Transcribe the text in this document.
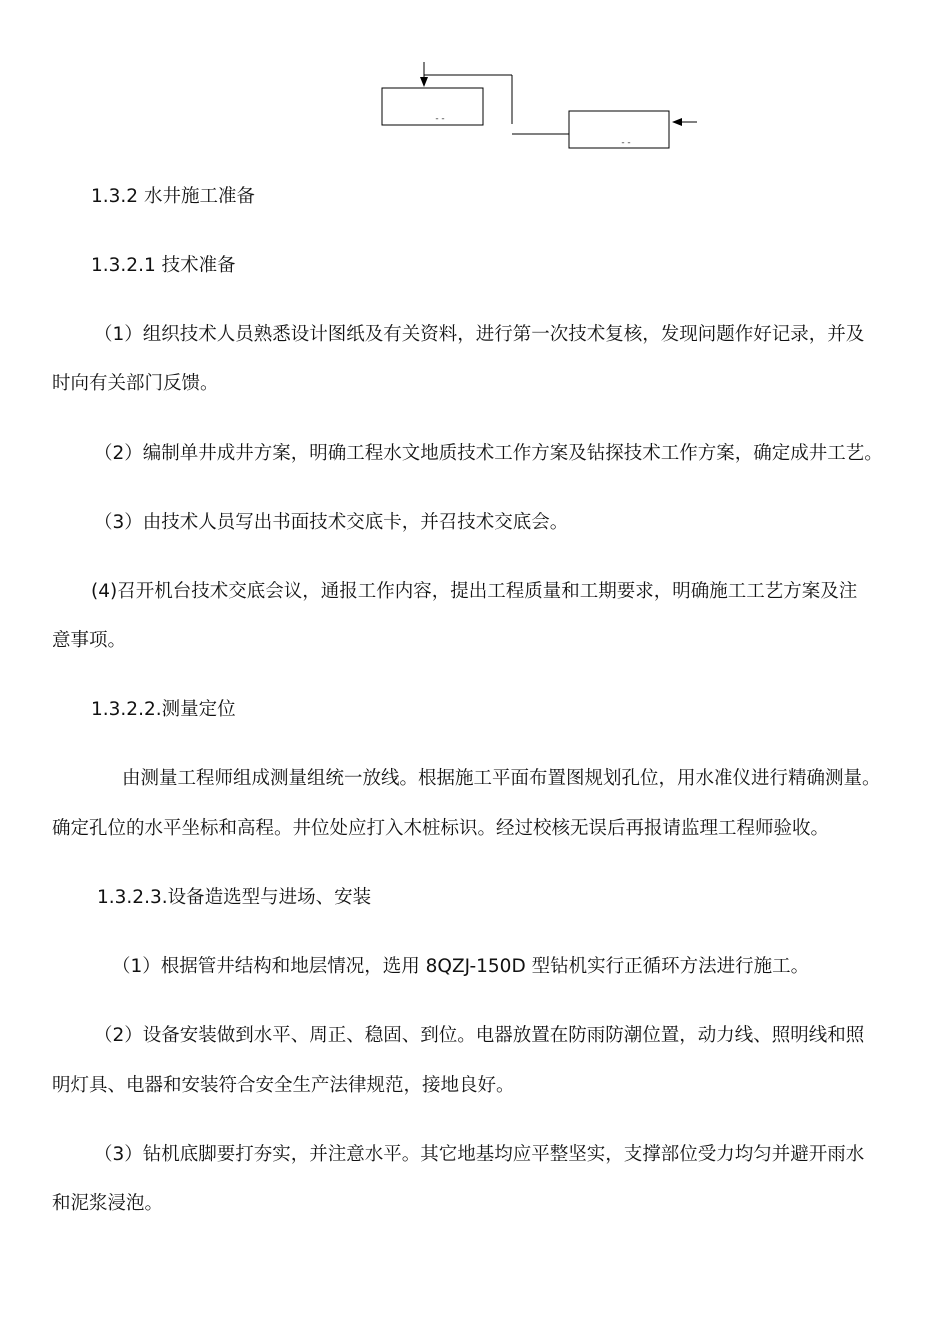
- -
- -

1.3.2 水井施工准备

1.3.2.1 技术准备

（1）组织技术人员熟悉设计图纸及有关资料，进行第一次技术复核，发现问题作好记录，并及

时向有关部门反馈。

（2）编制单井成井方案，明确工程水文地质技术工作方案及钻探技术工作方案，确定成井工艺。

（3）由技术人员写出书面技术交底卡，并召技术交底会。

(4)召开机台技术交底会议，通报工作内容，提出工程质量和工期要求，明确施工工艺方案及注

意事项。

1.3.2.2.测量定位

由测量工程师组成测量组统一放线。根据施工平面布置图规划孔位，用水准仪进行精确测量。

确定孔位的水平坐标和高程。井位处应打入木桩标识。经过校核无误后再报请监理工程师验收。

1.3.2.3.设备造选型与进场、安装

（1）根据管井结构和地层情况，选用 8QZJ-150D 型钻机实行正循环方法进行施工。

（2）设备安装做到水平、周正、稳固、到位。电器放置在防雨防潮位置，动力线、照明线和照

明灯具、电器和安装符合安全生产法律规范，接地良好。

（3）钻机底脚要打夯实，并注意水平。其它地基均应平整坚实，支撑部位受力均匀并避开雨水

和泥浆浸泡。
